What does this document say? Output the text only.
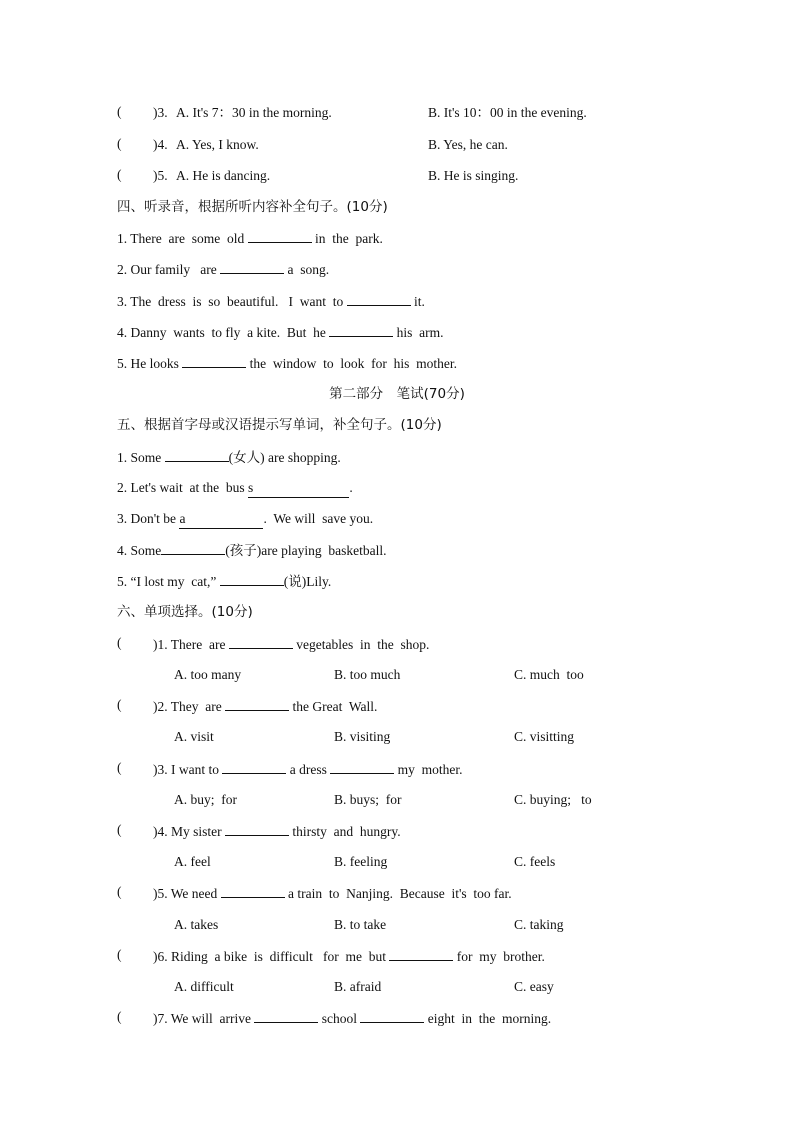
( )3. A. It's 7：30 in the morning.	B. It's 10：00 in the evening.
( )4. A. Yes, I know.	B. Yes, he can.
( )5. A. He is dancing.	B. He is singing.
四、听录音，根据所听内容补全句子。(10分)
1. There  are  some  old	in  the  park.
2. Our family   are	a  song.
3. The  dress  is  so  beautiful.   I  want  to	it.
4. Danny  wants  to fly  a kite.  But  he	his  arm.
5. He looks	the  window  to  look  for  his  mother.
第二部分　笔试(70分)
五、根据首字母或汉语提示写单词，补全句子。(10分)
1. Some	(女人) are shopping.
2. Let's wait  at the  bus s	.
3. Don't be a	.  We will  save you.
4. Some	(孩子)are playing  basketball.
5. “I lost my  cat,”	(说)Lily.
六、单项选择。(10分)
( )1. There  are	vegetables  in  the  shop.
A. too many	B. too much	C. much  too
( )2. They  are	the Great  Wall.
A. visit	B. visiting	C. visitting
( )3. I want to	a dress	my  mother.
A. buy;  for	B. buys;  for	C. buying;   to
( )4. My sister	thirsty  and  hungry.
A. feel	B. feeling	C. feels
( )5. We need	a train  to  Nanjing.  Because  it's  too far.
A. takes	B. to take	C. taking
( )6. Riding  a bike  is  difficult   for  me  but	for  my  brother.
A. difficult	B. afraid	C. easy
( )7. We will  arrive	school	eight  in  the  morning.
